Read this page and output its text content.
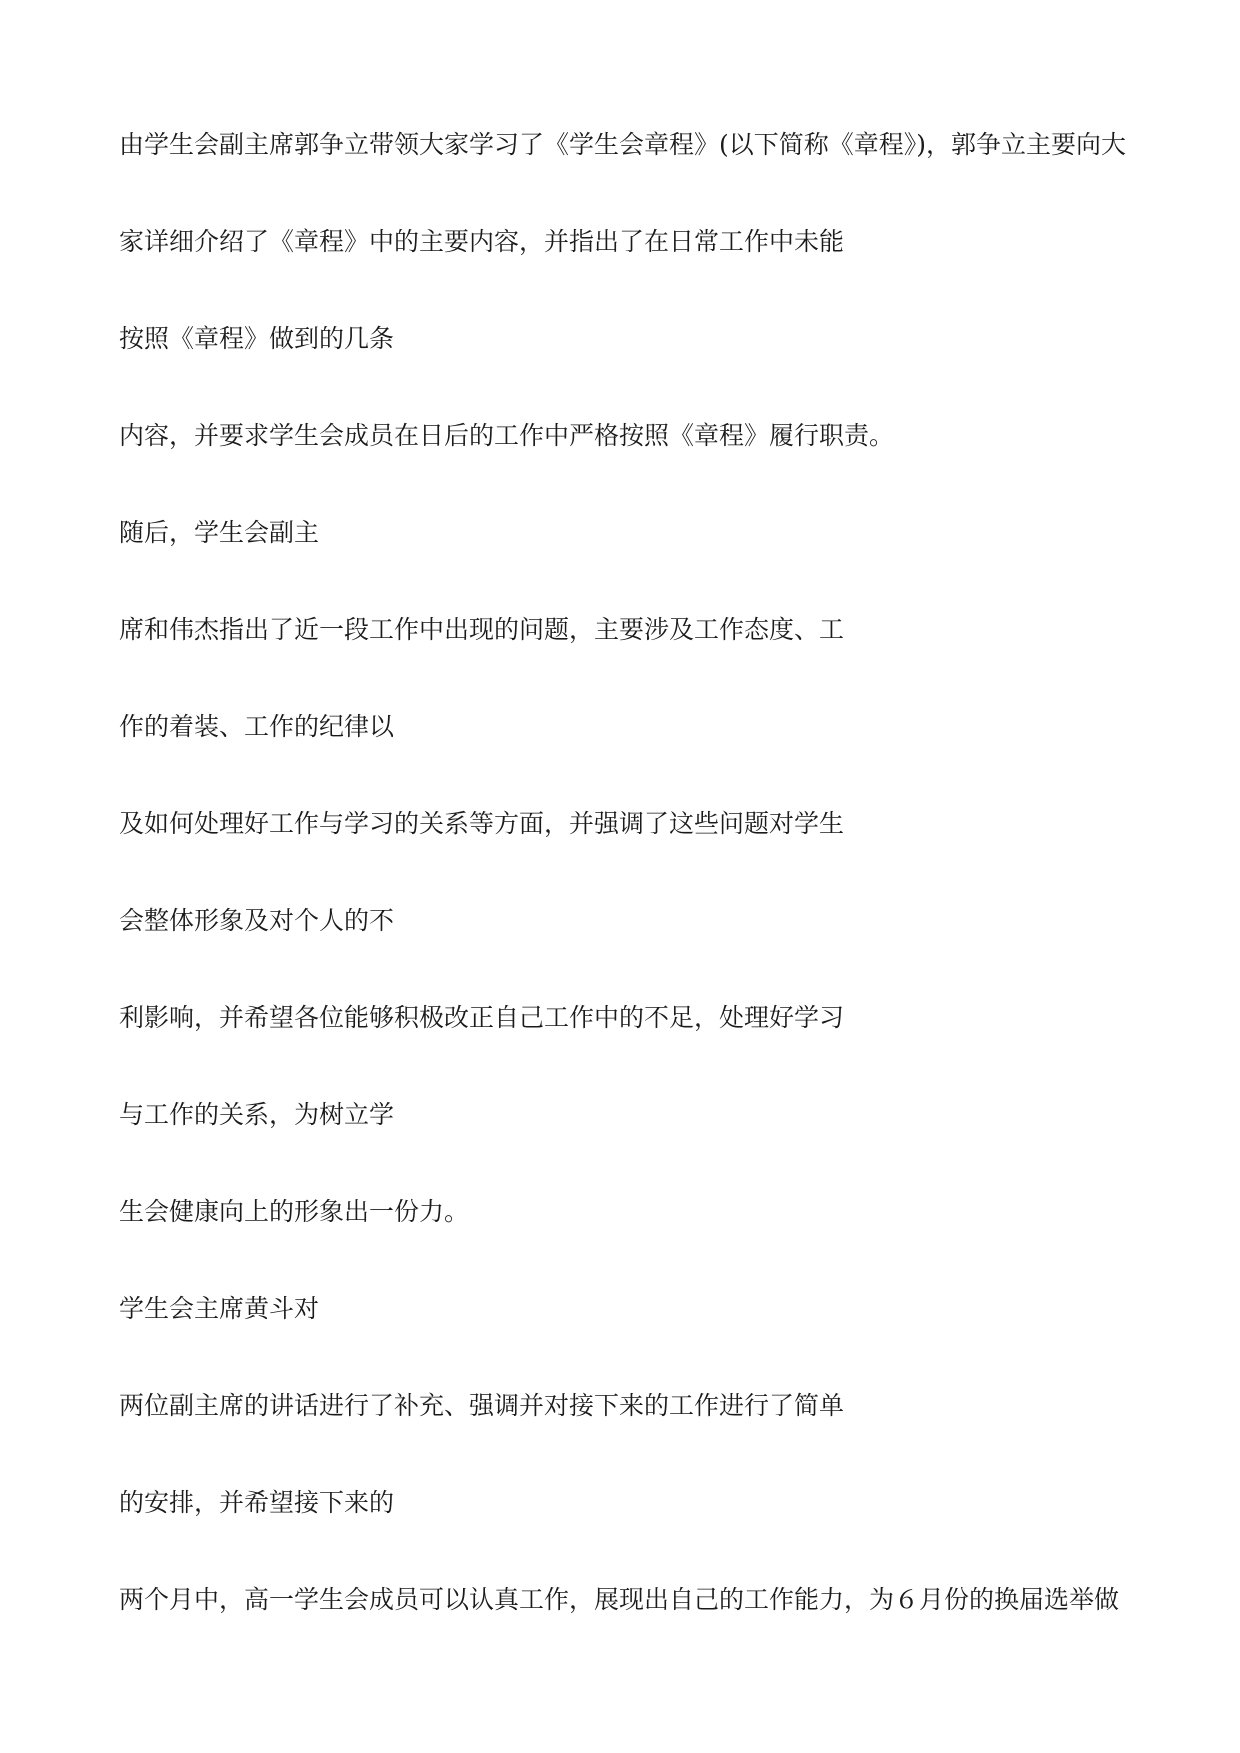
由学生会副主席郭争立带领大家学习了《学生会章程》(以下简称《章程》)，郭争立主要向大

家详细介绍了《章程》中的主要内容，并指出了在日常工作中未能

按照《章程》做到的几条

内容，并要求学生会成员在日后的工作中严格按照《章程》履行职责。

随后，学生会副主

席和伟杰指出了近一段工作中出现的问题，主要涉及工作态度、工

作的着装、工作的纪律以

及如何处理好工作与学习的关系等方面，并强调了这些问题对学生

会整体形象及对个人的不

利影响，并希望各位能够积极改正自己工作中的不足，处理好学习

与工作的关系，为树立学

生会健康向上的形象出一份力。

学生会主席黄斗对

两位副主席的讲话进行了补充、强调并对接下来的工作进行了简单

的安排，并希望接下来的

两个月中，高一学生会成员可以认真工作，展现出自己的工作能力，为６月份的换届选举做
